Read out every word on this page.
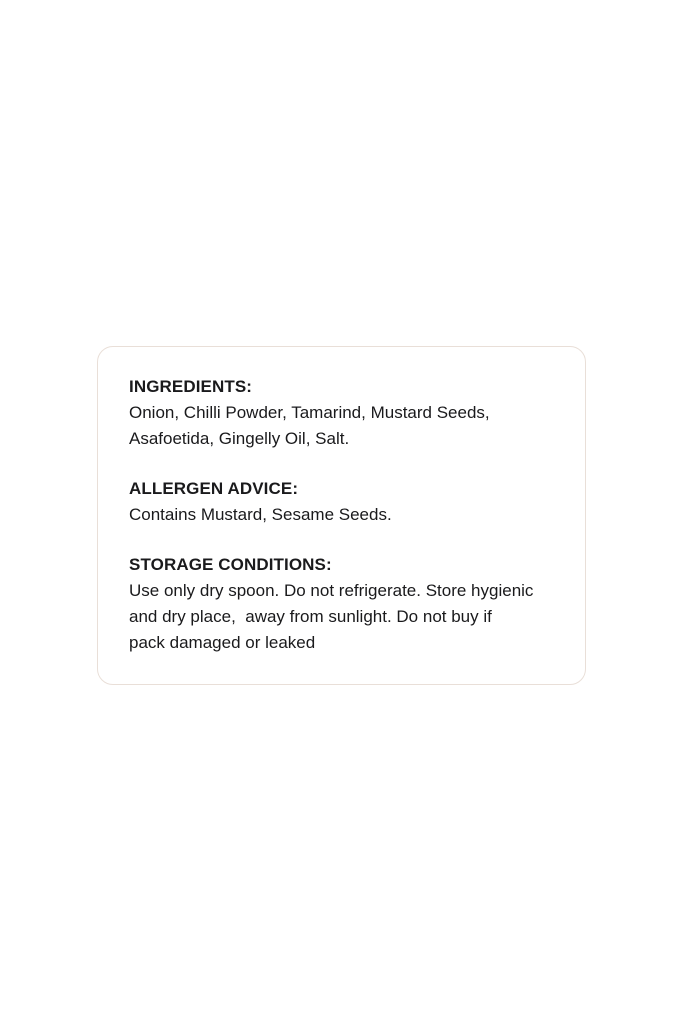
INGREDIENTS:
Onion, Chilli Powder, Tamarind, Mustard Seeds,
Asafoetida, Gingelly Oil, Salt.
ALLERGEN ADVICE:
Contains Mustard, Sesame Seeds.
STORAGE CONDITIONS:
Use only dry spoon. Do not refrigerate. Store hygienic
and dry place,  away from sunlight. Do not buy if
pack damaged or leaked
